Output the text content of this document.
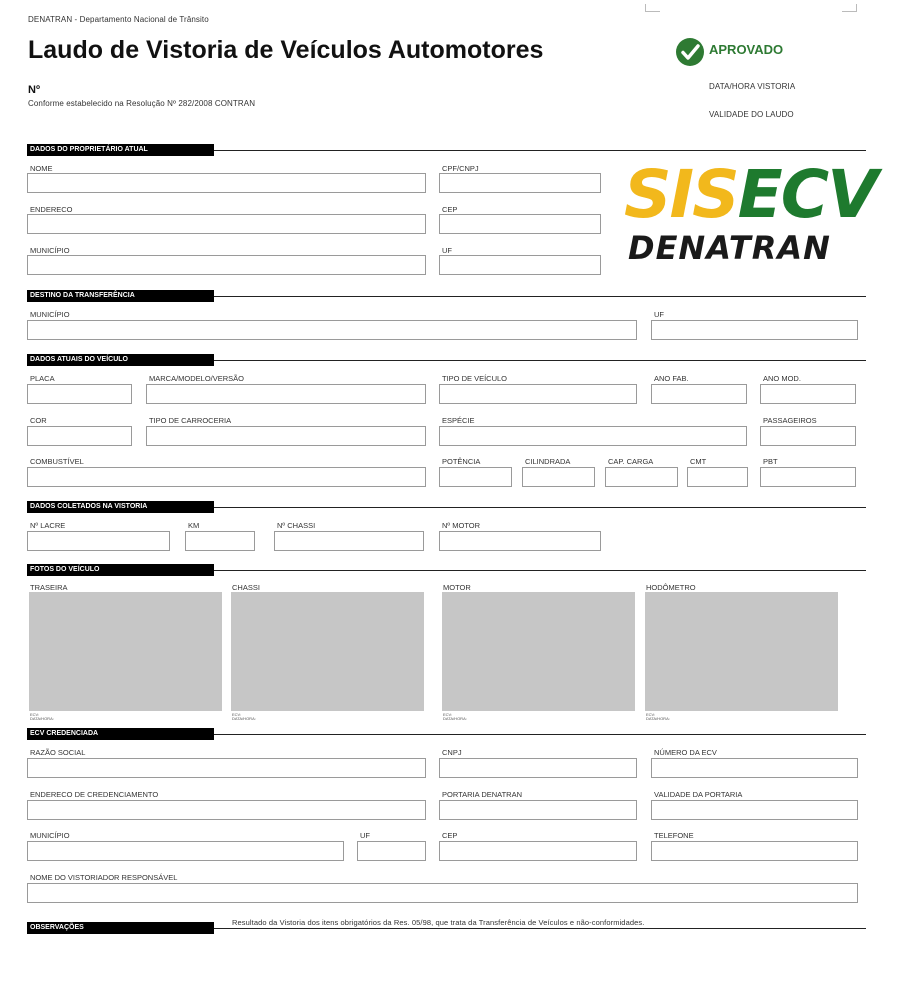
DENATRAN - Departamento Nacional de Trânsito
Laudo de Vistoria de Veículos Automotores
Nº
Conforme estabelecido na Resolução Nº 282/2008 CONTRAN
APROVADO
DATA/HORA VISTORIA
VALIDADE DO LAUDO
DADOS DO PROPRIETÁRIO ATUAL
NOME	CPF/CNPJ
ENDERECO	CEP
MUNICÍPIO	UF
SISECV
DENATRAN
DESTINO DA TRANSFERÊNCIA
MUNICÍPIO	UF
DADOS ATUAIS DO VEÍCULO
PLACA	MARCA/MODELO/VERSÃO	TIPO DE VEÍCULO	ANO FAB.	ANO MOD.
COR	TIPO DE CARROCERIA	ESPÉCIE	PASSAGEIROS
COMBUSTÍVEL	POTÊNCIA	CILINDRADA	CAP. CARGA	CMT	PBT
DADOS COLETADOS NA VISTORIA
Nº LACRE	KM	Nº CHASSI	Nº MOTOR
FOTOS DO VEÍCULO
TRASEIRA
ECV:
DATA/HORA:
CHASSI
ECV:
DATA/HORA:
MOTOR
ECV:
DATA/HORA:
HODÔMETRO
ECV:
DATA/HORA:
ECV CREDENCIADA
RAZÃO SOCIAL	CNPJ	NÚMERO DA ECV
ENDERECO DE CREDENCIAMENTO	PORTARIA DENATRAN	VALIDADE DA PORTARIA
MUNICÍPIO	UF	CEP	TELEFONE
NOME DO VISTORIADOR RESPONSÁVEL
OBSERVAÇÕES
Resultado da Vistoria dos itens obrigatórios da Res. 05/98, que trata da Transferência de Veículos e não-conformidades.
